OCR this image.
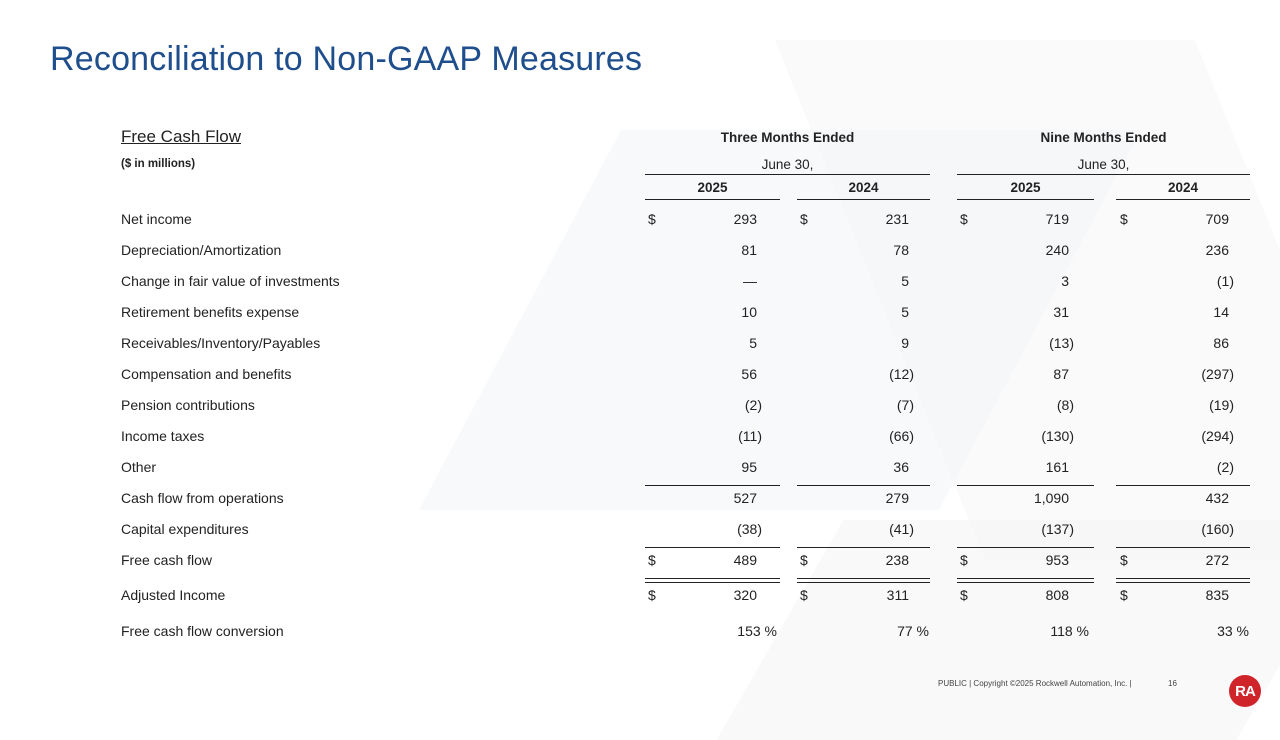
Reconciliation to Non-GAAP Measures
Free Cash Flow
($ in millions)
Three Months Ended
June 30,
Nine Months Ended
June 30,
2025	2024	2025	2024
Net income	$	293	$	231	$	719	$	709
Depreciation/Amortization	81	78	240	236
Change in fair value of investments	—	5	3	(1)
Retirement benefits expense	10	5	31	14
Receivables/Inventory/Payables	5	9	(13)	86
Compensation and benefits	56	(12)	87	(297)
Pension contributions	(2)	(7)	(8)	(19)
Income taxes	(11)	(66)	(130)	(294)
Other	95	36	161	(2)
Cash flow from operations	527	279	1,090	432
Capital expenditures	(38)	(41)	(137)	(160)
Free cash flow	$	489	$	238	$	953	$	272
Adjusted Income	$	320	$	311	$	808	$	835
Free cash flow conversion	153 %	77 %	118 %	33 %
PUBLIC | Copyright ©2025 Rockwell Automation, Inc. |	16	RA
